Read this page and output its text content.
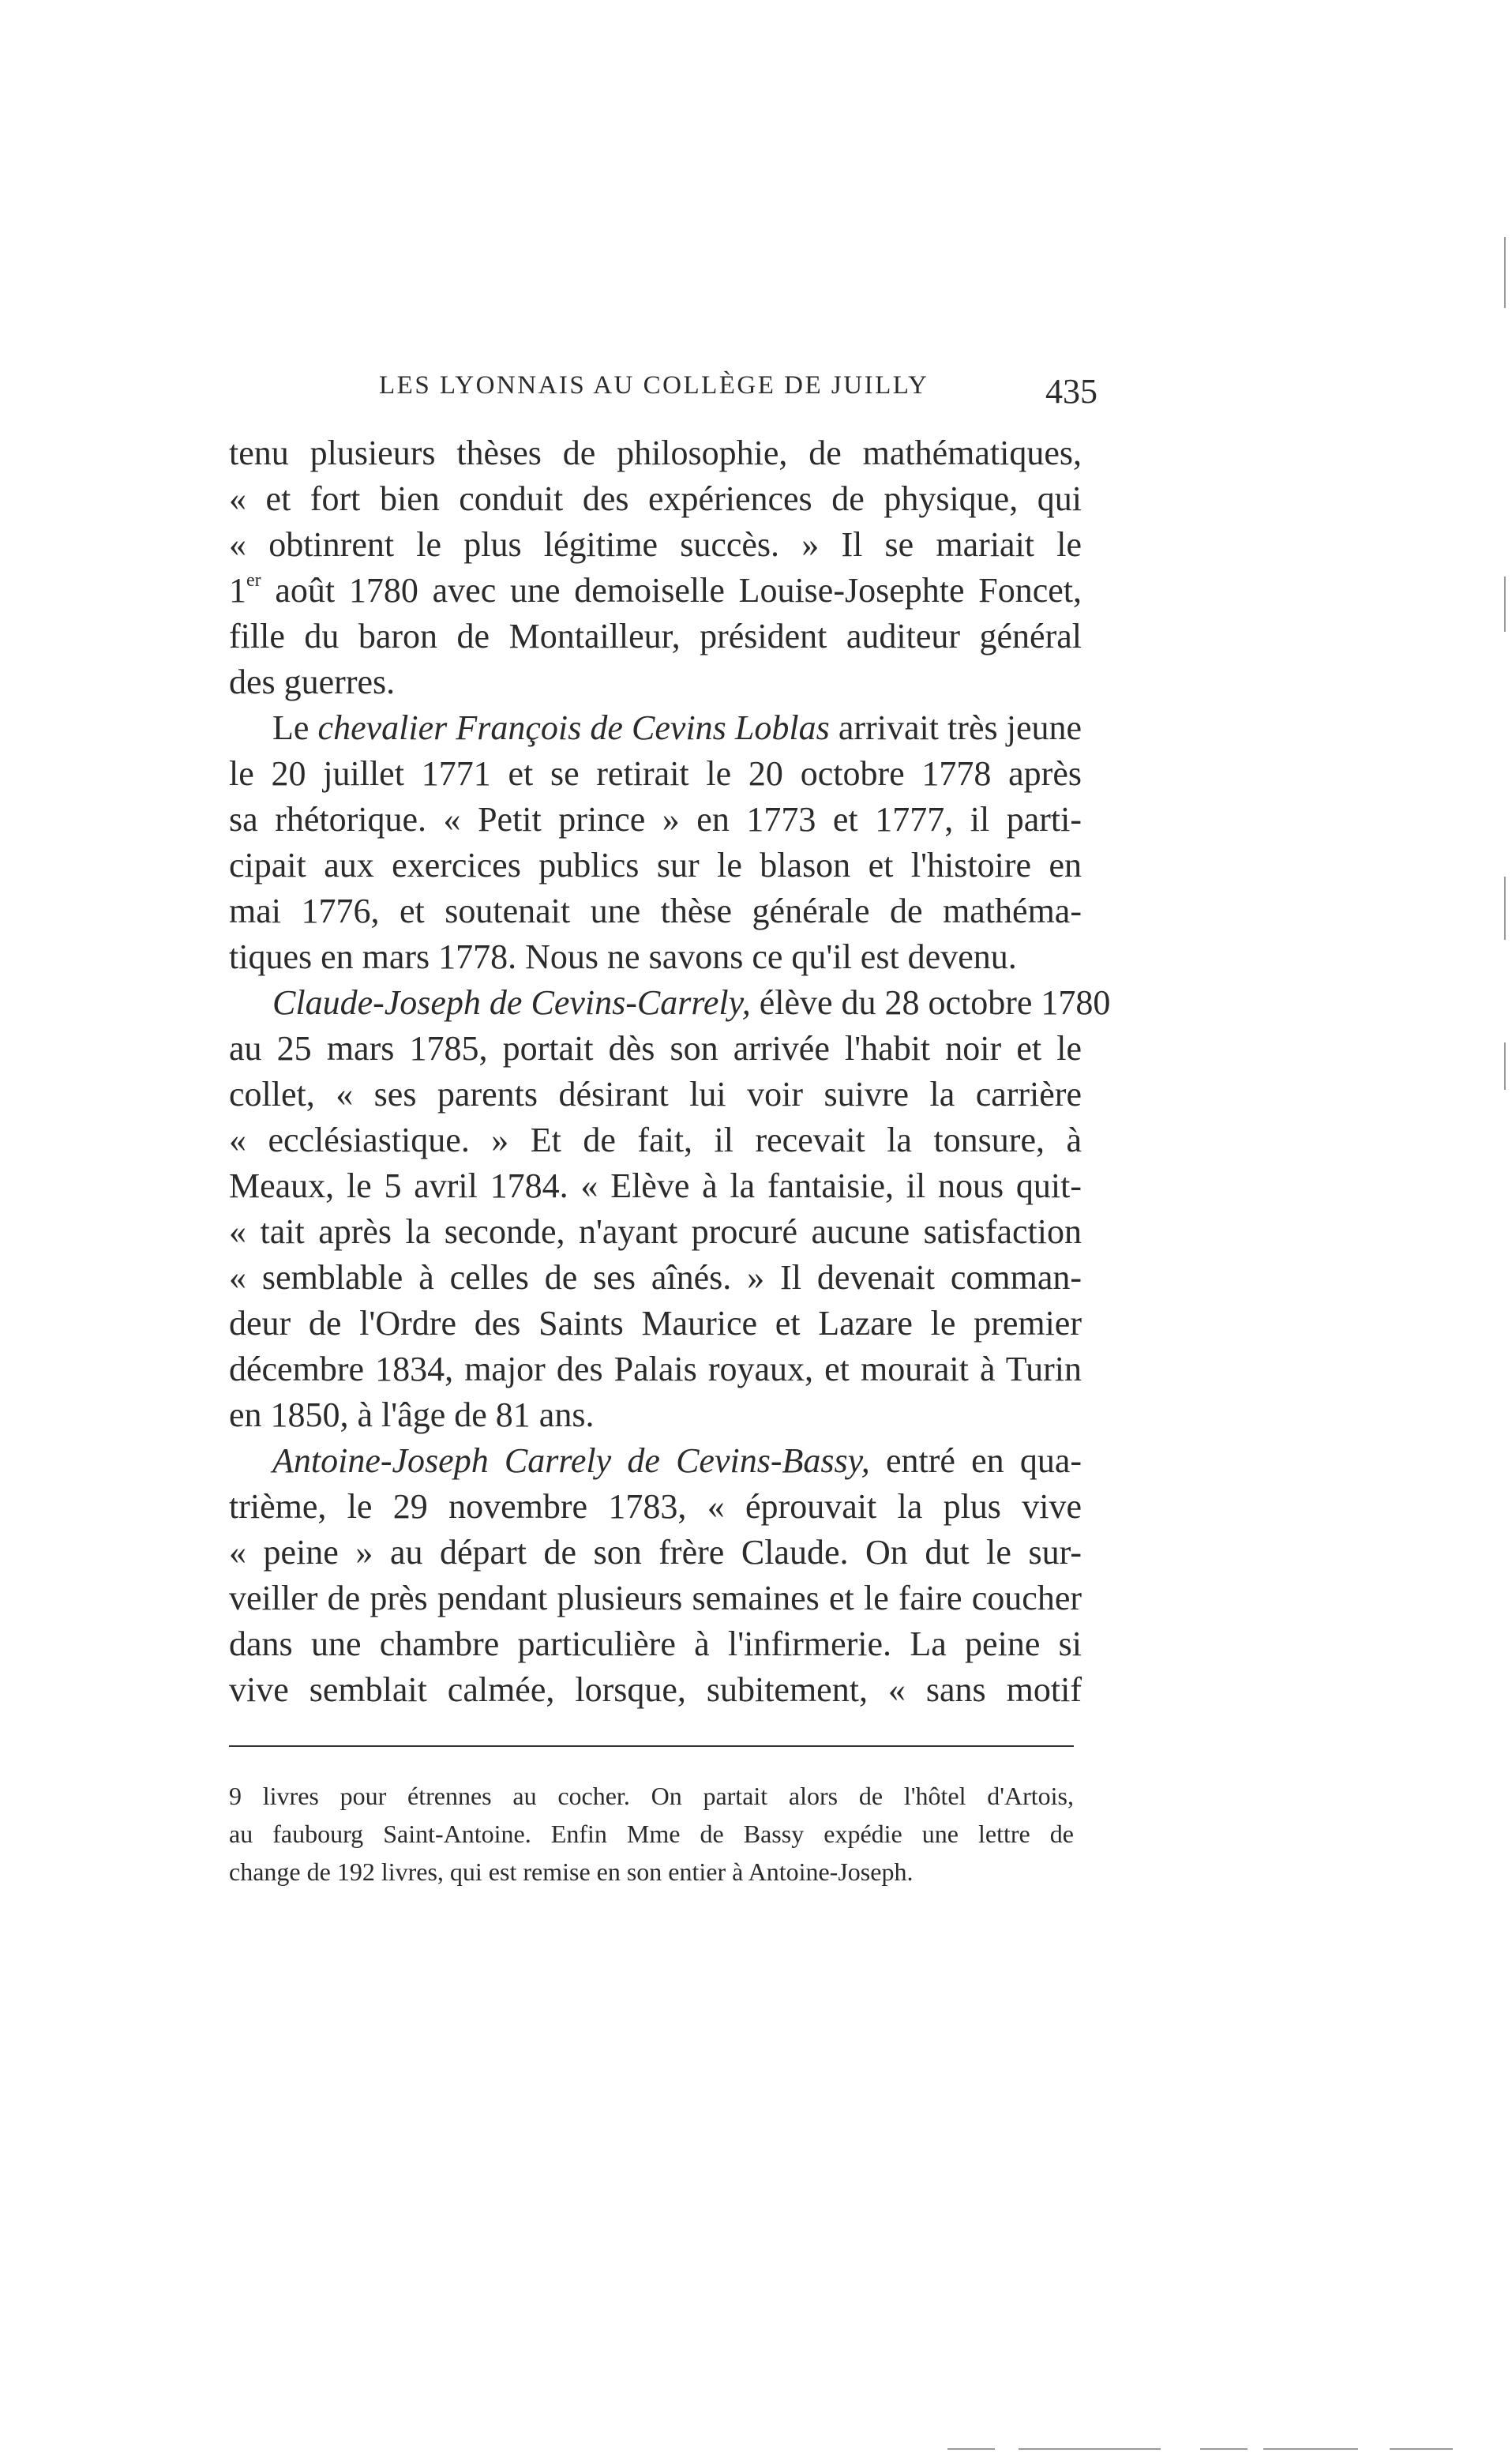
LES LYONNAIS AU COLLÈGE DE JUILLY	435
tenu plusieurs thèses de philosophie, de mathématiques,
« et fort bien conduit des expériences de physique, qui
« obtinrent le plus légitime succès. » Il se mariait le
1er août 1780 avec une demoiselle Louise-Josephte Foncet,
fille du baron de Montailleur, président auditeur général
des guerres.
Le chevalier François de Cevins Loblas arrivait très jeune
le 20 juillet 1771 et se retirait le 20 octobre 1778 après
sa rhétorique. « Petit prince » en 1773 et 1777, il parti-
cipait aux exercices publics sur le blason et l'histoire en
mai 1776, et soutenait une thèse générale de mathéma-
tiques en mars 1778. Nous ne savons ce qu'il est devenu.
Claude-Joseph de Cevins-Carrely, élève du 28 octobre 1780
au 25 mars 1785, portait dès son arrivée l'habit noir et le
collet, « ses parents désirant lui voir suivre la carrière
« ecclésiastique. » Et de fait, il recevait la tonsure, à
Meaux, le 5 avril 1784. « Elève à la fantaisie, il nous quit-
« tait après la seconde, n'ayant procuré aucune satisfaction
« semblable à celles de ses aînés. » Il devenait comman-
deur de l'Ordre des Saints Maurice et Lazare le premier
décembre 1834, major des Palais royaux, et mourait à Turin
en 1850, à l'âge de 81 ans.
Antoine-Joseph Carrely de Cevins-Bassy, entré en qua-
trième, le 29 novembre 1783, « éprouvait la plus vive
« peine » au départ de son frère Claude. On dut le sur-
veiller de près pendant plusieurs semaines et le faire coucher
dans une chambre particulière à l'infirmerie. La peine si
vive semblait calmée, lorsque, subitement, « sans motif
9 livres pour étrennes au cocher. On partait alors de l'hôtel d'Artois,
au faubourg Saint-Antoine. Enfin Mme de Bassy expédie une lettre de
change de 192 livres, qui est remise en son entier à Antoine-Joseph.
